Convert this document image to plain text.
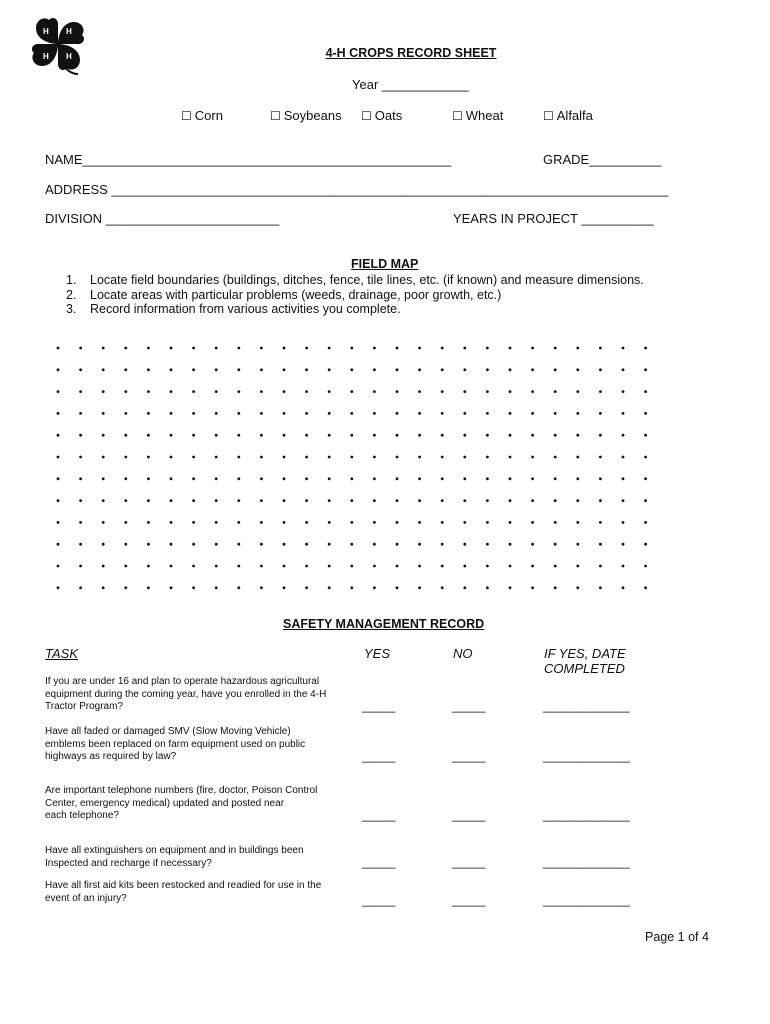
H H
H
H	4-H CROPS RECORD SHEET
Year ____________
☐ Corn	☐ Soybeans ☐ Oats	☐ Wheat	☐ Alfalfa
NAME___________________________________________________	GRADE__________
ADDRESS _____________________________________________________________________________
DIVISION ________________________	YEARS IN PROJECT __________
FIELD MAP
1. Locate field boundaries (buildings, ditches, fence, tile lines, etc. (if known) and measure dimensions.
2. Locate areas with particular problems (weeds, drainage, poor growth, etc.)
3. Record information from various activities you complete.
SAFETY MANAGEMENT RECORD
TASK	YES	NO	IF YES, DATE
COMPLETED
If you are under 16 and plan to operate hazardous agricultural
equipment during the coming year, have you enrolled in the 4-H
Tractor Program?	_____	_____	_____________
Have all faded or damaged SMV (Slow Moving Vehicle)
emblems been replaced on farm equipment used on public
highways as required by law?	_____	_____	_____________
Are important telephone numbers (fire, doctor, Poison Control
Center, emergency medical) updated and posted near
each telephone?	_____	_____	_____________
Have all extinguishers on equipment and in buildings been
Inspected and recharge if necessary?	_____	_____	_____________
Have all first aid kits been restocked and readied for use in the
event of an injury?	_____	_____	_____________
Page 1 of 4
